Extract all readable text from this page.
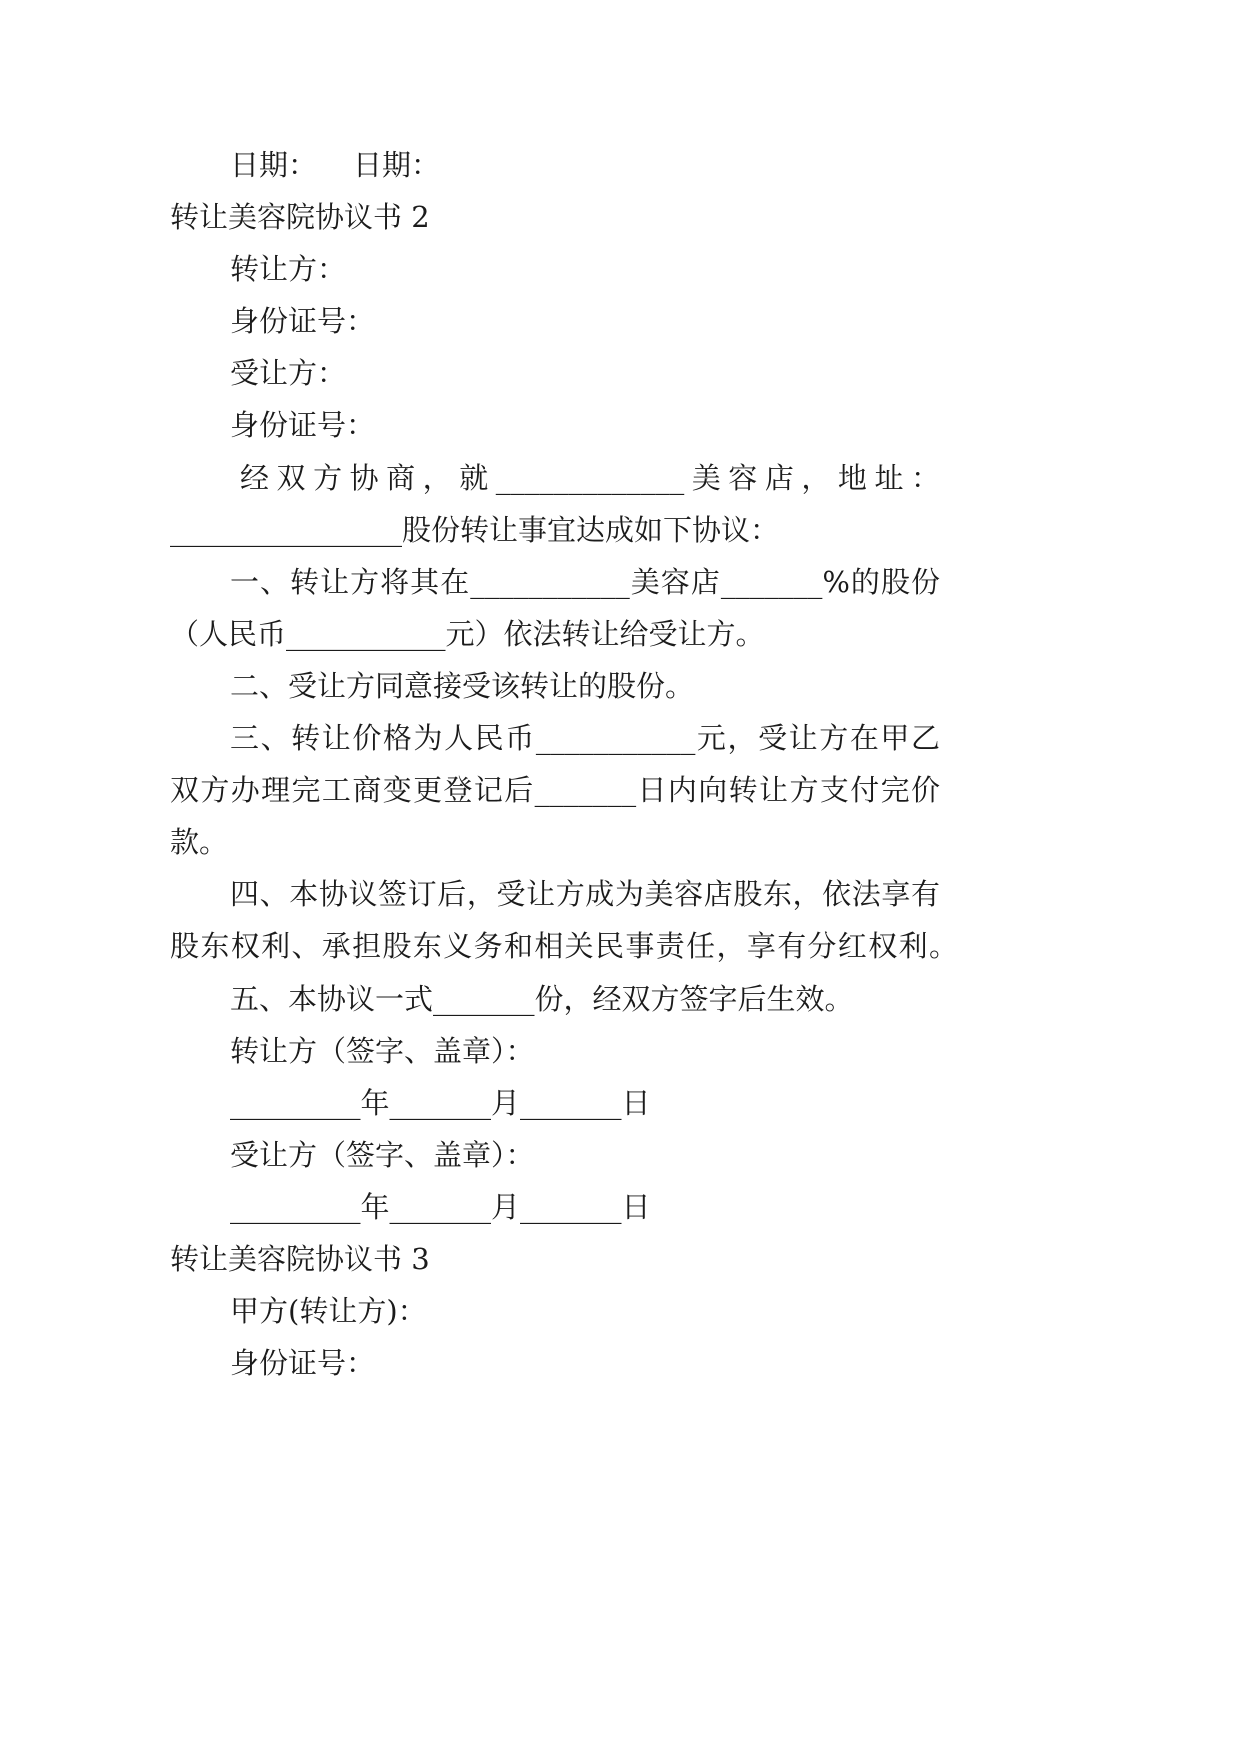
日期： 日期：
转让美容院协议书 2
转让方：
身份证号：
受让方：
身份证号：
经双方协商，就_____________美容店，地址：
________________股份转让事宜达成如下协议：
一、转让方将其在___________美容店_______%的股份
（人民币___________元）依法转让给受让方。
二、受让方同意接受该转让的股份。
三、转让价格为人民币___________元，受让方在甲乙
双方办理完工商变更登记后_______日内向转让方支付完价
款。
四、本协议签订后，受让方成为美容店股东，依法享有
股东权利、承担股东义务和相关民事责任，享有分红权利。
五、本协议一式_______份，经双方签字后生效。
转让方（签字、盖章）：
_________年_______月_______日
受让方（签字、盖章）：
_________年_______月_______日
转让美容院协议书 3
甲方(转让方)：
身份证号：
